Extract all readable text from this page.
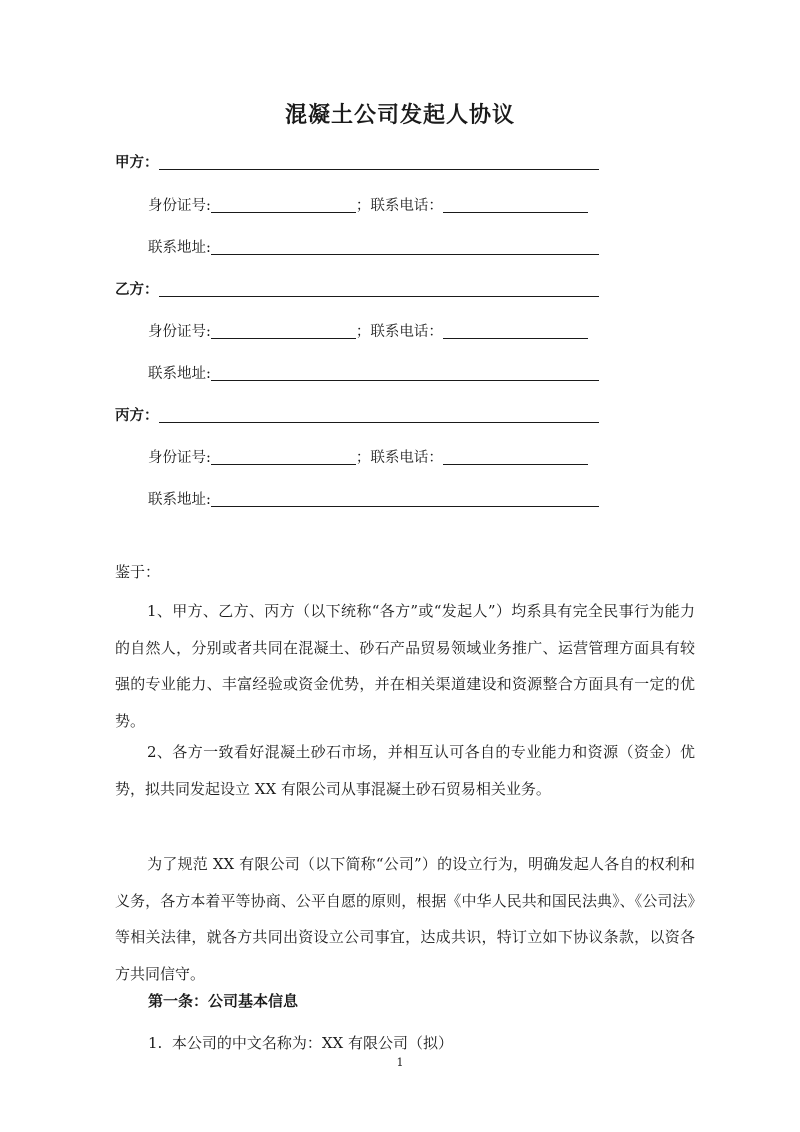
混凝土公司发起人协议
甲方：
身份证号:	； 联系电话：
联系地址:
乙方：
身份证号:	； 联系电话：
联系地址:
丙方：
身份证号:	； 联系电话：
联系地址:
鉴于：
1、甲方、乙方、丙方（以下统称“各方”或“发起人”）均系具有完全民事行为能力的自然人，分别或者共同在混凝土、砂石产品贸易领域业务推广、运营管理方面具有较强的专业能力、丰富经验或资金优势，并在相关渠道建设和资源整合方面具有一定的优势。
2、各方一致看好混凝土砂石市场，并相互认可各自的专业能力和资源（资金）优势，拟共同发起设立 XX 有限公司从事混凝土砂石贸易相关业务。
为了规范 XX 有限公司（以下简称“公司”）的设立行为，明确发起人各自的权利和义务，各方本着平等协商、公平自愿的原则，根据《中华人民共和国民法典》、《公司法》等相关法律，就各方共同出资设立公司事宜，达成共识，特订立如下协议条款，以资各方共同信守。
第一条：公司基本信息
1.  本公司的中文名称为：XX 有限公司（拟）
1
